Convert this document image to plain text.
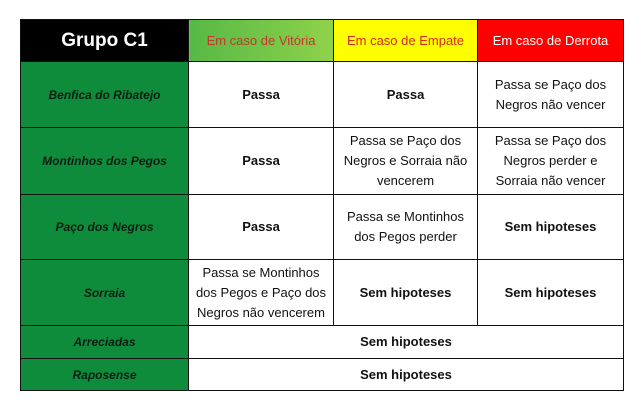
Grupo C1	Em caso de Vitória	Em caso de Empate	Em caso de Derrota
Benfica do Ribatejo	Passa	Passa	Passa se Paço dos Negros não vencer
Montinhos dos Pegos	Passa	Passa se Paço dos Negros e Sorraia não vencerem	Passa se Paço dos Negros perder e Sorraia não vencer
Paço dos Negros	Passa	Passa se Montinhos dos Pegos perder	Sem hipoteses
Sorraia	Passa se Montinhos dos Pegos e Paço dos Negros não vencerem	Sem hipoteses	Sem hipoteses
Arreciadas	Sem hipoteses		
Raposense	Sem hipoteses		
